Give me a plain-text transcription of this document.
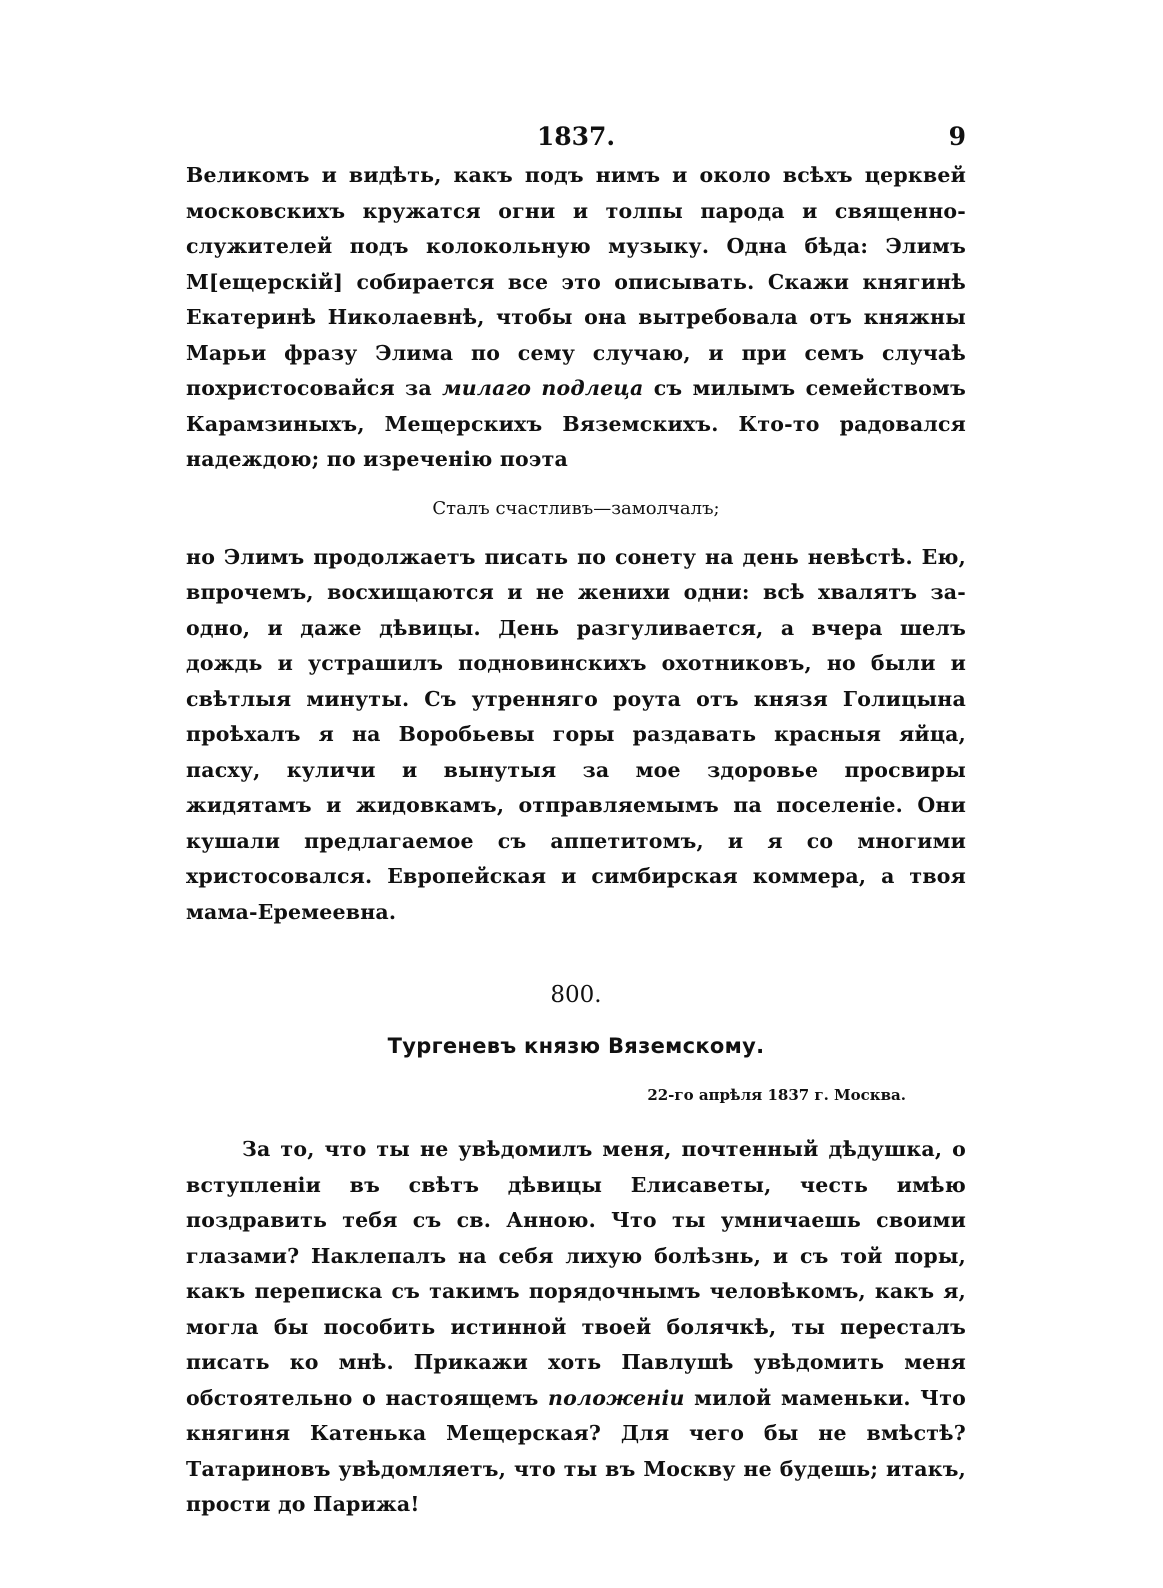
1837.	9

Великомъ и видѣть, какъ подъ нимъ и около всѣхъ церквей московскихъ кружатся огни и толпы парода и священно-служителей подъ колокольную музыку. Одна бѣда: Элимъ М[ещерскій] собирается все это описывать. Скажи княгинѣ Екатеринѣ Николаевнѣ, чтобы она вытребовала отъ княжны Марьи фразу Элима по сему случаю, и при семъ случаѣ похристосовайся за милаго подлеца съ милымъ семействомъ Карамзиныхъ, Мещерскихъ Вяземскихъ. Кто-то радовался надеждою; по изреченію поэта

Сталъ счастливъ—замолчалъ;

но Элимъ продолжаетъ писать по сонету на день невѣстѣ. Ею, впрочемъ, восхищаются и не женихи одни: всѣ хвалятъ за-одно, и даже дѣвицы. День разгуливается, а вчера шелъ дождь и устрашилъ подновинскихъ охотниковъ, но были и свѣтлыя минуты. Съ утренняго роута отъ князя Голицына проѣхалъ я на Воробьевы горы раздавать красныя яйца, пасху, куличи и вынутыя за мое здоровье просвиры жидятамъ и жидовкамъ, отправляемымъ па поселеніе. Они кушали предлагаемое съ аппетитомъ, и я со многими христосовался. Европейская и симбирская коммера, а твоя мама-Еремеевна.

800.
Тургеневъ князю Вяземскому.
22-го апрѣля 1837 г. Москва.

За то, что ты не увѣдомилъ меня, почтенный дѣдушка, о вступленіи въ свѣтъ дѣвицы Елисаветы, честь имѣю поздравить тебя съ св. Анною. Что ты умничаешь своими глазами? Наклепалъ на себя лихую болѣзнь, и съ той поры, какъ переписка съ такимъ порядочнымъ человѣкомъ, какъ я, могла бы пособить истинной твоей болячкѣ, ты пересталъ писать ко мнѣ. Прикажи хоть Павлушѣ увѣдомить меня обстоятельно о настоящемъ положеніи милой маменьки. Что княгиня Катенька Мещерская? Для чего бы не вмѣстѣ? Татариновъ увѣдомляетъ, что ты въ Москву не будешь; итакъ, прости до Парижа!
